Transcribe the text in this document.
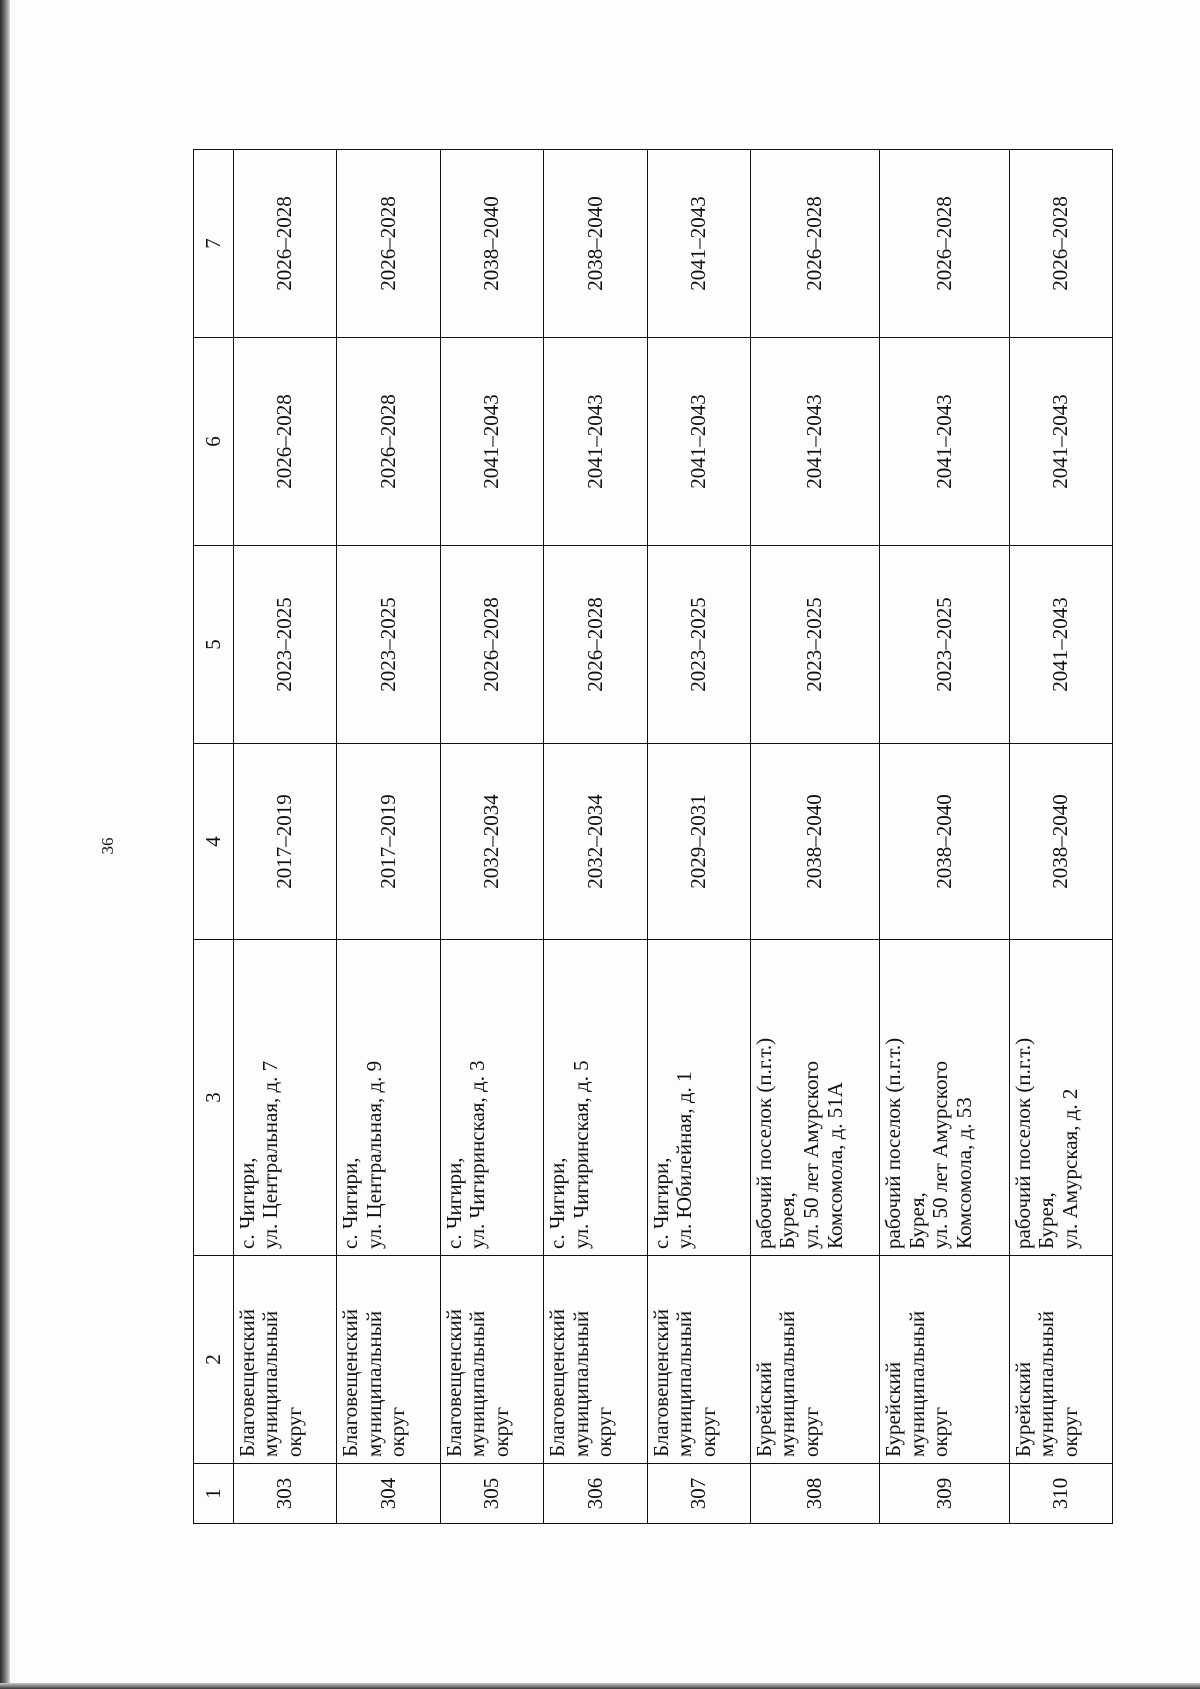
36
1	2	3	4	5	6	7
303	Благовещенский муниципальный округ	с. Чигири, ул. Центральная, д. 7	2017–2019	2023–2025	2026–2028	2026–2028
304	Благовещенский муниципальный округ	с. Чигири, ул. Центральная, д. 9	2017–2019	2023–2025	2026–2028	2026–2028
305	Благовещенский муниципальный округ	с. Чигири, ул. Чигиринская, д. 3	2032–2034	2026–2028	2041–2043	2038–2040
306	Благовещенский муниципальный округ	с. Чигири, ул. Чигиринская, д. 5	2032–2034	2026–2028	2041–2043	2038–2040
307	Благовещенский муниципальный округ	с. Чигири, ул. Юбилейная, д. 1	2029–2031	2023–2025	2041–2043	2041–2043
308	Бурейский муниципальный округ	рабочий поселок (п.г.т.) Бурея, ул. 50 лет Амурского Комсомола, д. 51А	2038–2040	2023–2025	2041–2043	2026–2028
309	Бурейский муниципальный округ	рабочий поселок (п.г.т.) Бурея, ул. 50 лет Амурского Комсомола, д. 53	2038–2040	2023–2025	2041–2043	2026–2028
310	Бурейский муниципальный округ	рабочий поселок (п.г.т.) Бурея, ул. Амурская, д. 2	2038–2040	2041–2043	2041–2043	2026–2028
